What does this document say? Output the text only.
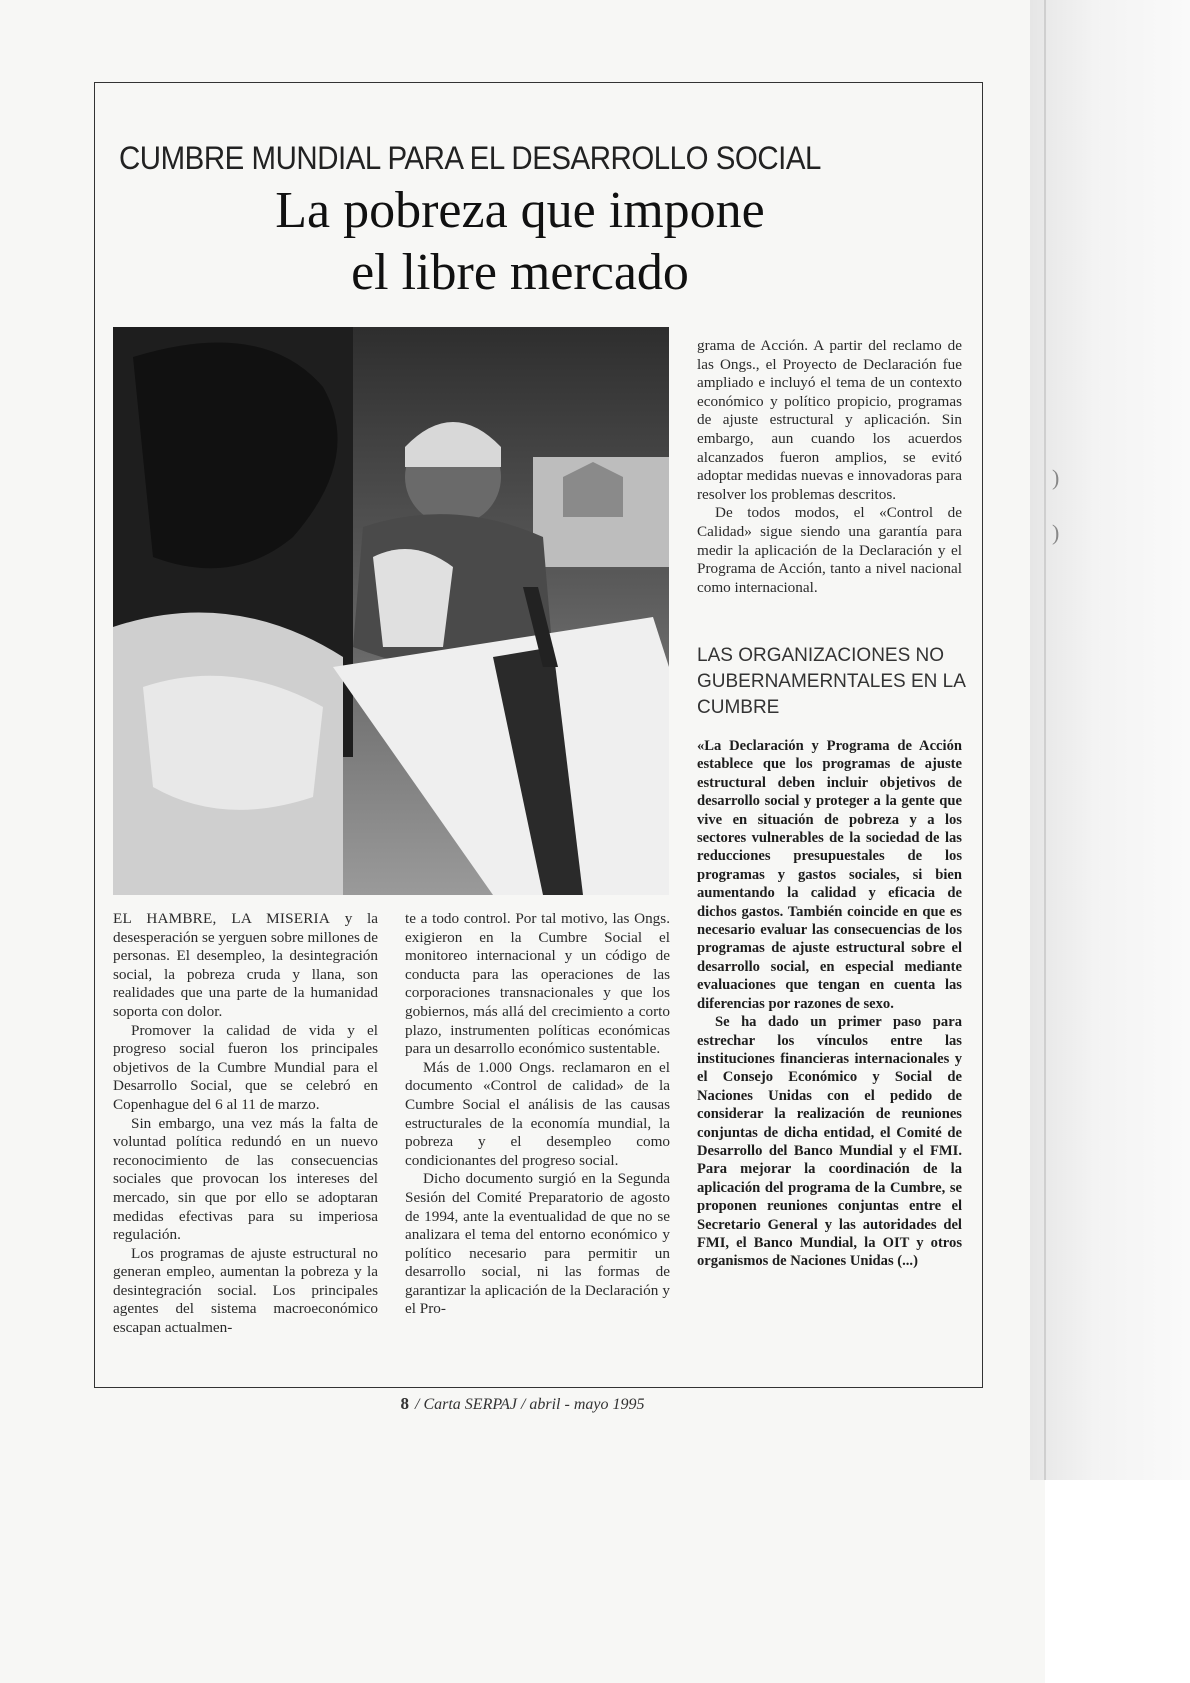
CUMBRE MUNDIAL PARA EL DESARROLLO SOCIAL
La pobreza que impone
el libre mercado

EL HAMBRE, LA MISERIA y la desesperación se yerguen sobre millones de personas. El desempleo, la desintegración social, la pobreza cruda y llana, son realidades que una parte de la humanidad soporta con dolor.

Promover la calidad de vida y el progreso social fueron los principales objetivos de la Cumbre Mundial para el Desarrollo Social, que se celebró en Copenhague del 6 al 11 de marzo.

Sin embargo, una vez más la falta de voluntad política redundó en un nuevo reconocimiento de las consecuencias sociales que provocan los intereses del mercado, sin que por ello se adoptaran medidas efectivas para su imperiosa regulación.

Los programas de ajuste estructural no generan empleo, aumentan la pobreza y la desintegración social. Los principales agentes del sistema macroeconómico escapan actualmen-

te a todo control. Por tal motivo, las Ongs. exigieron en la Cumbre Social el monitoreo internacional y un código de conducta para las operaciones de las corporaciones transnacionales y que los gobiernos, más allá del crecimiento a corto plazo, instrumenten políticas económicas para un desarrollo económico sustentable.

Más de 1.000 Ongs. reclamaron en el documento «Control de calidad» de la Cumbre Social el análisis de las causas estructurales de la economía mundial, la pobreza y el desempleo como condicionantes del progreso social.

Dicho documento surgió en la Segunda Sesión del Comité Preparatorio de agosto de 1994, ante la eventualidad de que no se analizara el tema del entorno económico y político necesario para permitir un desarrollo social, ni las formas de garantizar la aplicación de la Declaración y el Pro-

grama de Acción. A partir del reclamo de las Ongs., el Proyecto de Declaración fue ampliado e incluyó el tema de un contexto económico y político propicio, programas de ajuste estructural y aplicación. Sin embargo, aun cuando los acuerdos alcanzados fueron amplios, se evitó adoptar medidas nuevas e innovadoras para resolver los problemas descritos.

De todos modos, el «Control de Calidad» sigue siendo una garantía para medir la aplicación de la Declaración y el Programa de Acción, tanto a nivel nacional como internacional.

LAS ORGANIZACIONES NO GUBERNAMERNTALES EN LA CUMBRE

«La Declaración y Programa de Acción establece que los programas de ajuste estructural deben incluir objetivos de desarrollo social y proteger a la gente que vive en situación de pobreza y a los sectores vulnerables de la sociedad de las reducciones presupuestales de los programas y gastos sociales, si bien aumentando la calidad y eficacia de dichos gastos. También coincide en que es necesario evaluar las consecuencias de los programas de ajuste estructural sobre el desarrollo social, en especial mediante evaluaciones que tengan en cuenta las diferencias por razones de sexo.

Se ha dado un primer paso para estrechar los vínculos entre las instituciones financieras internacionales y el Consejo Económico y Social de Naciones Unidas con el pedido de considerar la realización de reuniones conjuntas de dicha entidad, el Comité de Desarrollo del Banco Mundial y el FMI. Para mejorar la coordinación de la aplicación del programa de la Cumbre, se proponen reuniones conjuntas entre el Secretario General y las autoridades del FMI, el Banco Mundial, la OIT y otros organismos de Naciones Unidas (...)

8 / Carta SERPAJ / abril - mayo 1995
)
)
